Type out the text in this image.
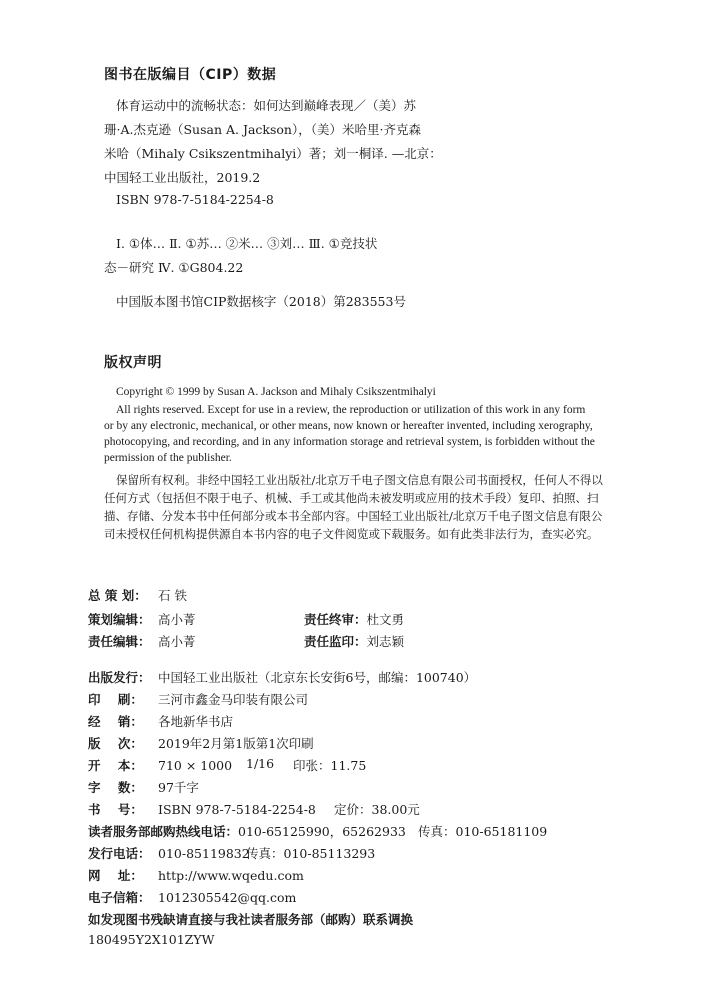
图书在版编目（CIP）数据
体育运动中的流畅状态：如何达到巅峰表现／（美）苏
珊·A.杰克逊（Susan A. Jackson），（美）米哈里·齐克森
米哈（Mihaly Csikszentmihalyi）著；刘一桐译. —北京：
中国轻工业出版社，2019.2
ISBN 978-7-5184-2254-8
Ⅰ. ①体… Ⅱ. ①苏… ②米… ③刘… Ⅲ. ①竞技状
态－研究 Ⅳ. ①G804.22
中国版本图书馆CIP数据核字（2018）第283553号
版权声明
Copyright © 1999 by Susan A. Jackson and Mihaly Csikszentmihalyi
All rights reserved. Except for use in a review, the reproduction or utilization of this work in any form
or by any electronic, mechanical, or other means, now known or hereafter invented, including xerography,
photocopying, and recording, and in any information storage and retrieval system, is forbidden without the
permission of the publisher.
保留所有权利。非经中国轻工业出版社/北京万千电子图文信息有限公司书面授权，任何人不得以
任何方式（包括但不限于电子、机械、手工或其他尚未被发明或应用的技术手段）复印、拍照、扫
描、存储、分发本书中任何部分或本书全部内容。中国轻工业出版社/北京万千电子图文信息有限公
司未授权任何机构提供源自本书内容的电子文件阅览或下载服务。如有此类非法行为，查实必究。
总 策 划： 石 铁
策划编辑： 高小菁	责任终审：杜文勇
责任编辑： 高小菁	责任监印：刘志颖
出版发行： 中国轻工业出版社（北京东长安街6号，邮编：100740）
印    刷： 三河市鑫金马印装有限公司
经    销： 各地新华书店
版    次： 2019年2月第1版第1次印刷
开    本： 710 × 1000 1/16 印张：11.75
字    数： 97千字
书    号： ISBN 978-7-5184-2254-8 定价：38.00元
读者服务部邮购热线电话：010-65125990，65262933 传真：010-65181109
发行电话： 010-85119832
传真：010-85113293
网    址： http://www.wqedu.com
电子信箱： 1012305542@qq.com
如发现图书残缺请直接与我社读者服务部（邮购）联系调换
180495Y2X101ZYW
